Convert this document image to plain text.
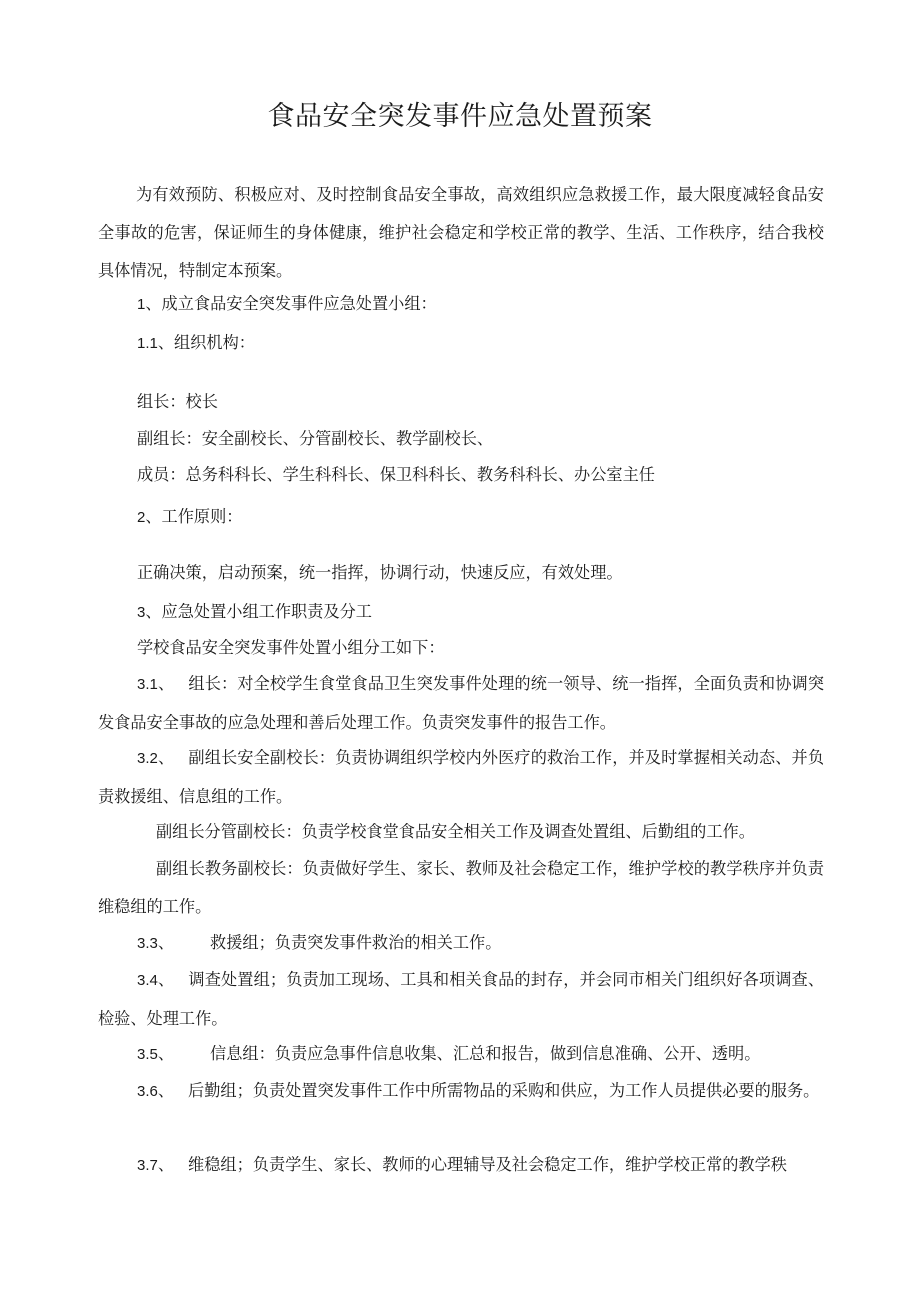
食品安全突发事件应急处置预案
为有效预防、积极应对、及时控制食品安全事故，高效组织应急救援工作，最大限度减轻食品安全事故的危害，保证师生的身体健康，维护社会稳定和学校正常的教学、生活、工作秩序，结合我校具体情况，特制定本预案。
1、成立食品安全突发事件应急处置小组：
1.1、组织机构：
组长：校长
副组长：安全副校长、分管副校长、教学副校长、
成员：总务科科长、学生科科长、保卫科科长、教务科科长、办公室主任
2、工作原则：
正确决策，启动预案，统一指挥，协调行动，快速反应，有效处理。
3、应急处置小组工作职责及分工
学校食品安全突发事件处置小组分工如下：
3.1、 组长：对全校学生食堂食品卫生突发事件处理的统一领导、统一指挥，全面负责和协调突发食品安全事故的应急处理和善后处理工作。负责突发事件的报告工作。
3.2、 副组长安全副校长：负责协调组织学校内外医疗的救治工作，并及时掌握相关动态、并负责救援组、信息组的工作。
副组长分管副校长：负责学校食堂食品安全相关工作及调查处置组、后勤组的工作。
副组长教务副校长：负责做好学生、家长、教师及社会稳定工作，维护学校的教学秩序并负责维稳组的工作。
3.3、 救援组；负责突发事件救治的相关工作。
3.4、 调查处置组；负责加工现场、工具和相关食品的封存，并会同市相关门组织好各项调查、检验、处理工作。
3.5、 信息组：负责应急事件信息收集、汇总和报告，做到信息准确、公开、透明。
3.6、 后勤组；负责处置突发事件工作中所需物品的采购和供应，为工作人员提供必要的服务。
3.7、 维稳组；负责学生、家长、教师的心理辅导及社会稳定工作，维护学校正常的教学秩
